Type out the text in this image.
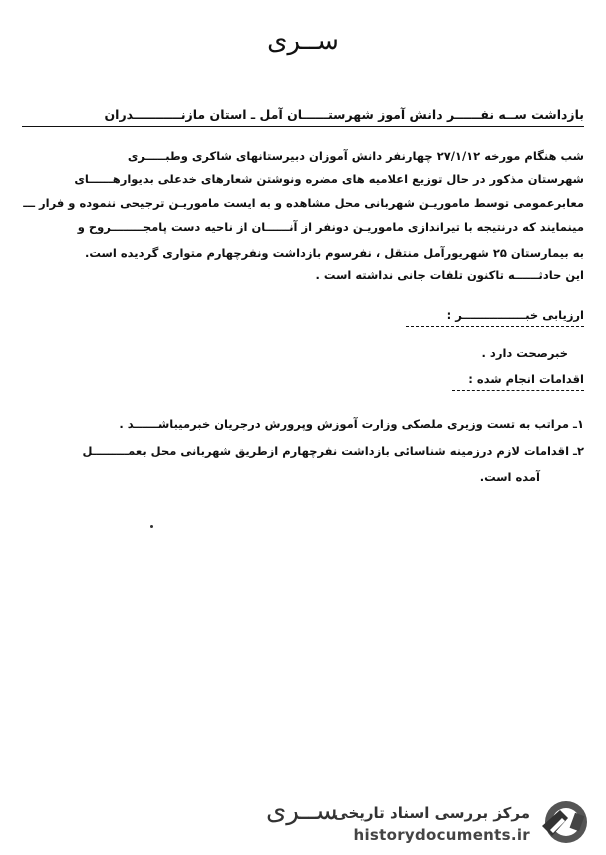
ســرى
بازداشت ســه نفــــــر دانش آموز شهرستــــــان آمل ـ استان مازنـــــــــــدران
شب هنگام مورخه ۲۷/۱/۱۲ چهارنفر دانش آموزان دبیرستانهای شاکری وطبـــــری
شهرستان مذکور در حال توزیع اعلامیه های مضره ونوشتن شعارهای خدعلی بدیوارهــــــای
معابرعمومی توسط ماموریـن شهربانی محل مشاهده و به ایست ماموریـن ترجیحی ننموده و فرار ـــ
مینمایند که درنتیجه با تیراندازی ماموریـن دونفر از آنــــــان از ناحیه دست پامجــــــــروح و
به بیمارستان ۲۵ شهریورآمل منتقل ، نفرسوم بازداشت ونفرچهارم متواری گردیده است.
این حادثــــــه تاکنون تلفات جانی نداشته است .
ارزیابی خبــــــــــــــــر :
خبرصحت دارد .
اقدامات انجام شده :
۱ـ مراتب به تست وزیری ملصکی وزارت آموزش وپرورش درجریان خبرمیباشــــــد .
۲ـ اقدامات لازم درزمینه شناسائی بازداشت نفرچهارم ازطریق شهربانی محل بعمـــــــــل
آمده است.
ســرى
مرکز بررسی اسناد تاریخی
historydocuments.ir
